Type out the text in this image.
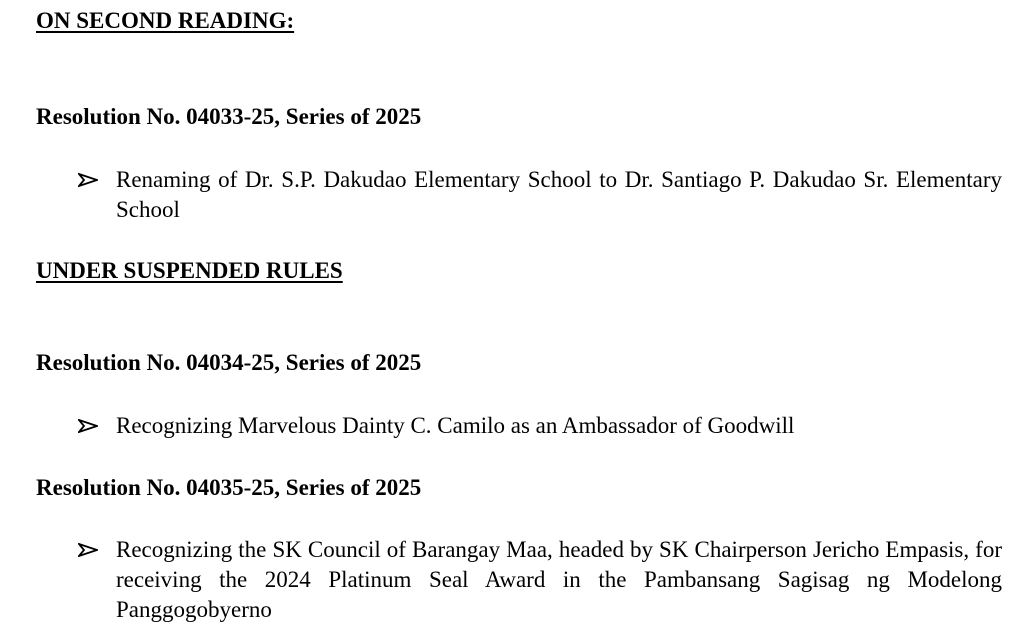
ON SECOND READING:
Resolution No. 04033-25, Series of 2025
Renaming of Dr. S.P. Dakudao Elementary School to Dr. Santiago P. Dakudao Sr. Elementary School
UNDER SUSPENDED RULES
Resolution No. 04034-25, Series of 2025
Recognizing Marvelous Dainty C. Camilo as an Ambassador of Goodwill
Resolution No. 04035-25, Series of 2025
Recognizing the SK Council of Barangay Maa, headed by SK Chairperson Jericho Empasis, for receiving the 2024 Platinum Seal Award in the Pambansang Sagisag ng Modelong Panggogobyerno
